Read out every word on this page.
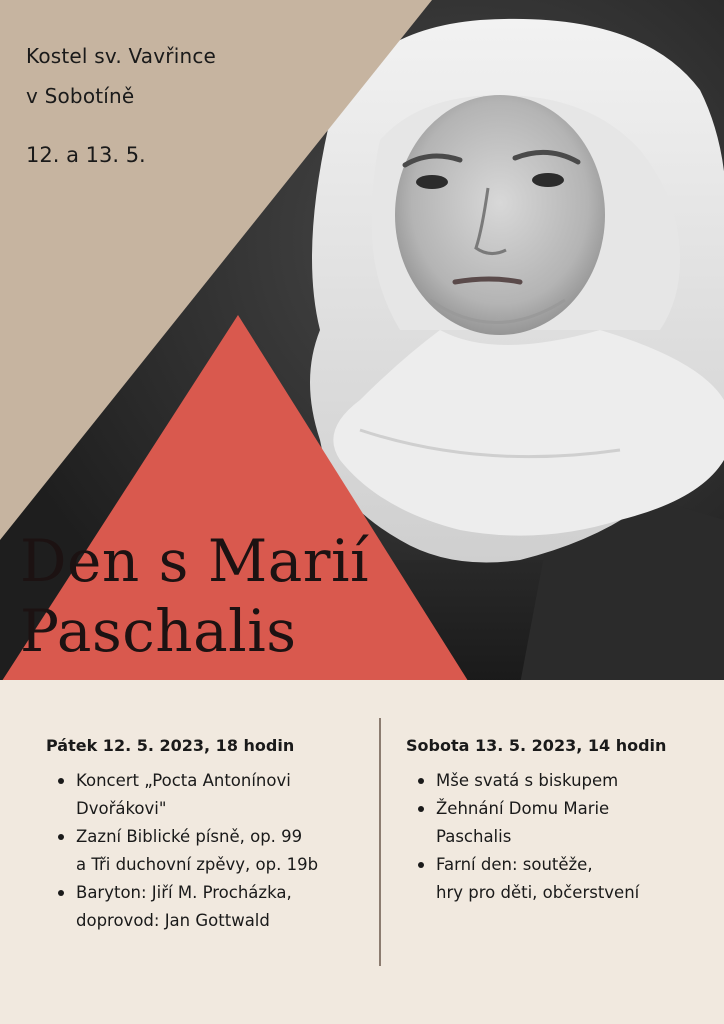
Kostel sv. Vavřince
v Sobotíně
12. a 13. 5.
Den s Marií
Paschalis
Pátek 12. 5. 2023, 18 hodin
Koncert „Pocta Antonínovi
Dvořákovi"
Zazní Biblické písně, op. 99
a Tři duchovní zpěvy, op. 19b
Baryton: Jiří M. Procházka,
doprovod: Jan Gottwald
Sobota 13. 5. 2023, 14 hodin
Mše svatá s biskupem
Žehnání Domu Marie
Paschalis
Farní den: soutěže,
hry pro děti, občerstvení
